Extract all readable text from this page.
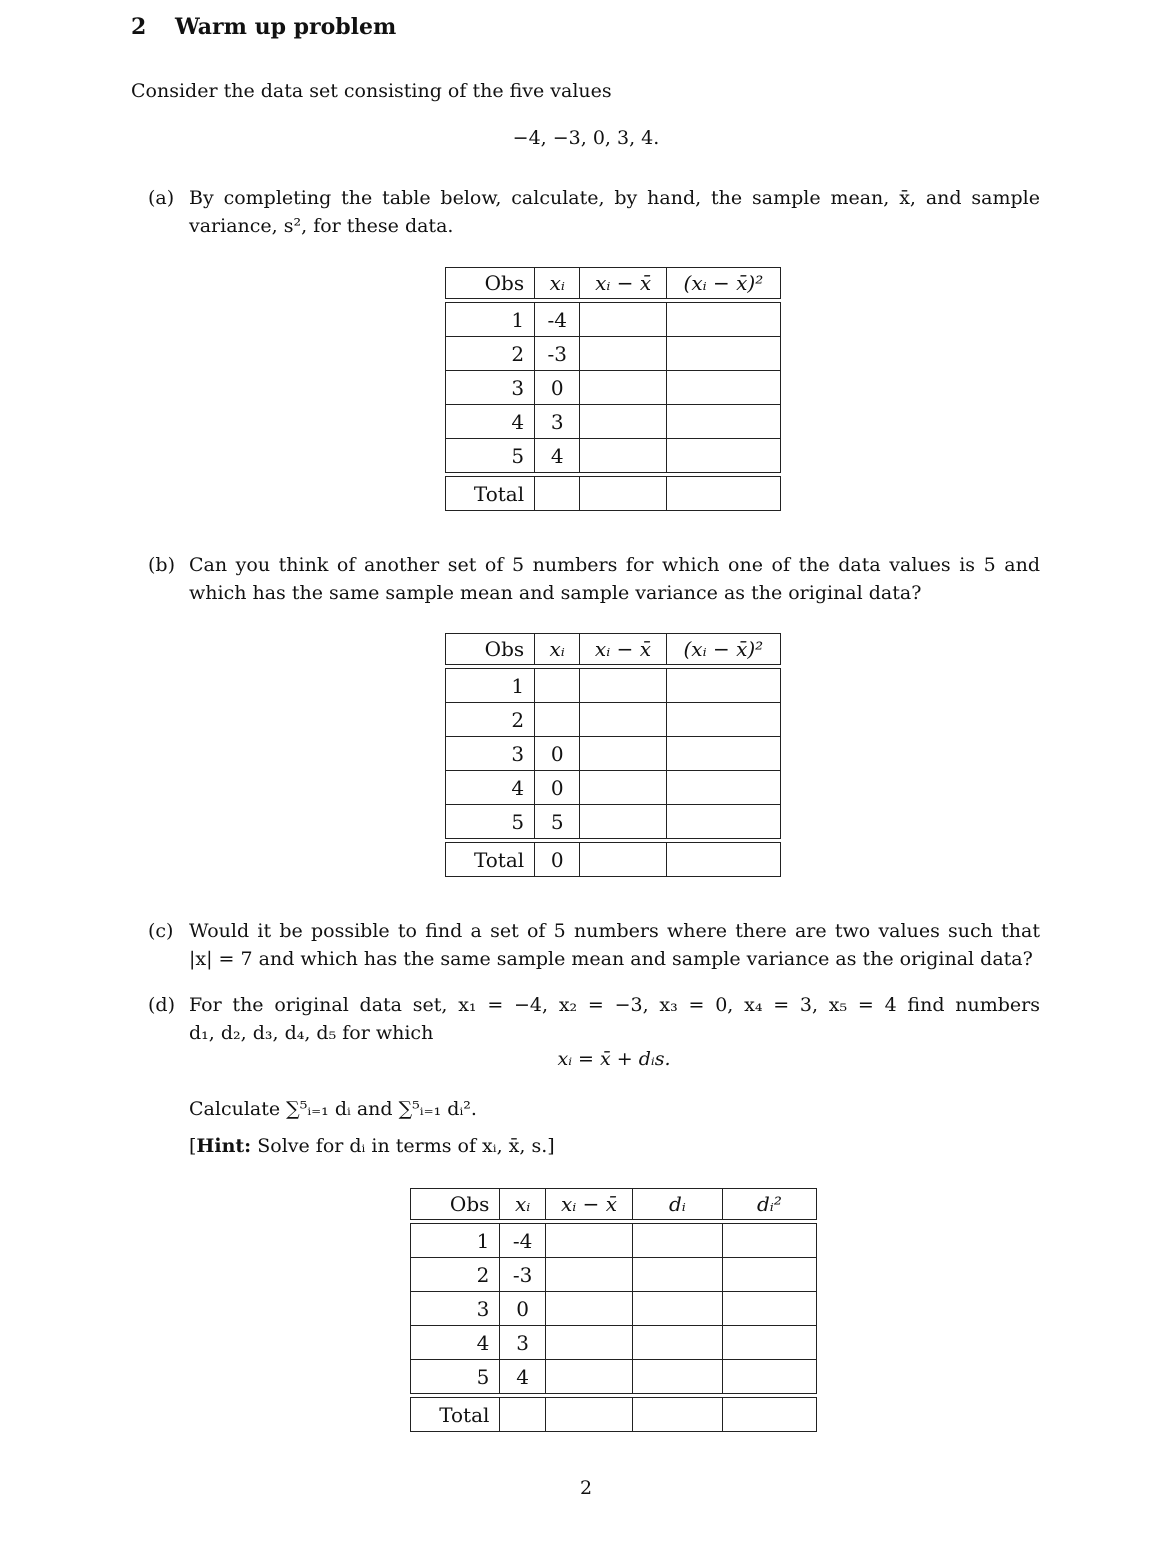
2 Warm up problem
Consider the data set consisting of the five values
−4, −3, 0, 3, 4.
(a) By completing the table below, calculate, by hand, the sample mean, x̄, and sample
variance, s², for these data.
Obs	xᵢ	xᵢ − x̄	(xᵢ − x̄)²

1	-4		
2	-3		
3	0		
4	3		
5	4		

Total			
(b) Can you think of another set of 5 numbers for which one of the data values is 5 and
which has the same sample mean and sample variance as the original data?
Obs	xᵢ	xᵢ − x̄	(xᵢ − x̄)²

1			
2			
3	0		
4	0		
5	5		

Total	0		
(c) Would it be possible to find a set of 5 numbers where there are two values such that
|x| = 7 and which has the same sample mean and sample variance as the original data?
(d) For the original data set, x₁ = −4, x₂ = −3, x₃ = 0, x₄ = 3, x₅ = 4 find numbers
d₁, d₂, d₃, d₄, d₅ for which
xᵢ = x̄ + dᵢs.
Calculate ∑⁵ᵢ₌₁ dᵢ and ∑⁵ᵢ₌₁ dᵢ².
[Hint: Solve for dᵢ in terms of xᵢ, x̄, s.]
Obs	xᵢ	xᵢ − x̄	dᵢ	dᵢ²

1	-4			
2	-3			
3	0			
4	3			
5	4			

Total				
2
